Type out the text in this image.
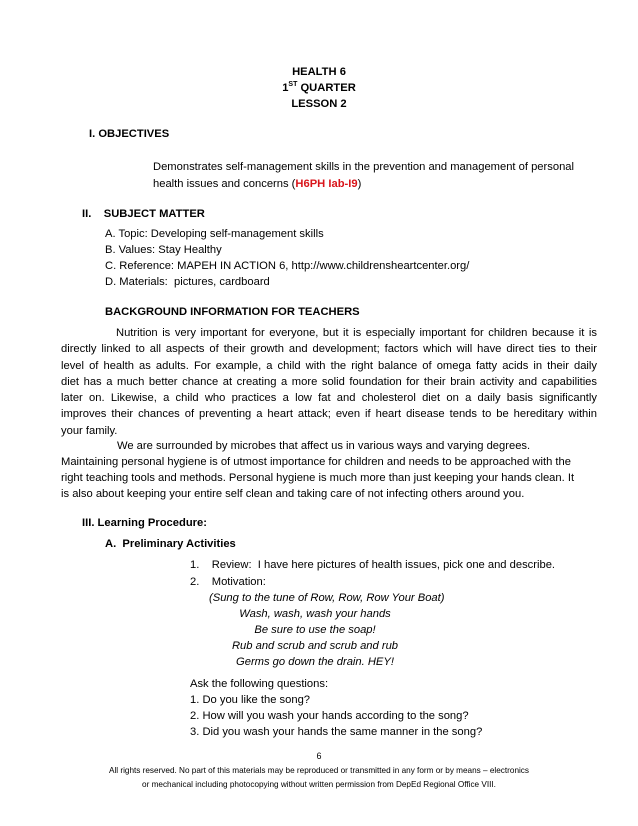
HEALTH 6
1ST QUARTER
LESSON 2
I. OBJECTIVES
Demonstrates self-management skills in the prevention and management of personal
health issues and concerns (H6PH Iab-I9)
II.    SUBJECT MATTER
A. Topic: Developing self-management skills
B. Values: Stay Healthy
C. Reference: MAPEH IN ACTION 6, http://www.childrensheartcenter.org/
D. Materials:  pictures, cardboard
BACKGROUND INFORMATION FOR TEACHERS
Nutrition is very important for everyone, but it is especially important for children because it is
directly linked to all aspects of their growth and development; factors which will have direct ties to their
level of health as adults. For example, a child with the right balance of omega fatty acids in their daily
diet has a much better chance at creating a more solid foundation for their brain activity and capabilities
later on. Likewise, a child who practices a low fat and cholesterol diet on a daily basis significantly
improves their chances of preventing a heart attack; even if heart disease tends to be hereditary within
your family.
We are surrounded by microbes that affect us in various ways and varying degrees.
Maintaining personal hygiene is of utmost importance for children and needs to be approached with the
right teaching tools and methods. Personal hygiene is much more than just keeping your hands clean. It
is also about keeping your entire self clean and taking care of not infecting others around you.
III. Learning Procedure:
A.  Preliminary Activities
1.    Review:  I have here pictures of health issues, pick one and describe.
2.    Motivation:
(Sung to the tune of Row, Row, Row Your Boat)
Wash, wash, wash your hands
Be sure to use the soap!
Rub and scrub and scrub and rub
Germs go down the drain. HEY!
Ask the following questions:
1. Do you like the song?
2. How will you wash your hands according to the song?
3. Did you wash your hands the same manner in the song?
6
All rights reserved. No part of this materials may be reproduced or transmitted in any form or by means – electronics
or mechanical including photocopying without written permission from DepEd Regional Office VIII.
